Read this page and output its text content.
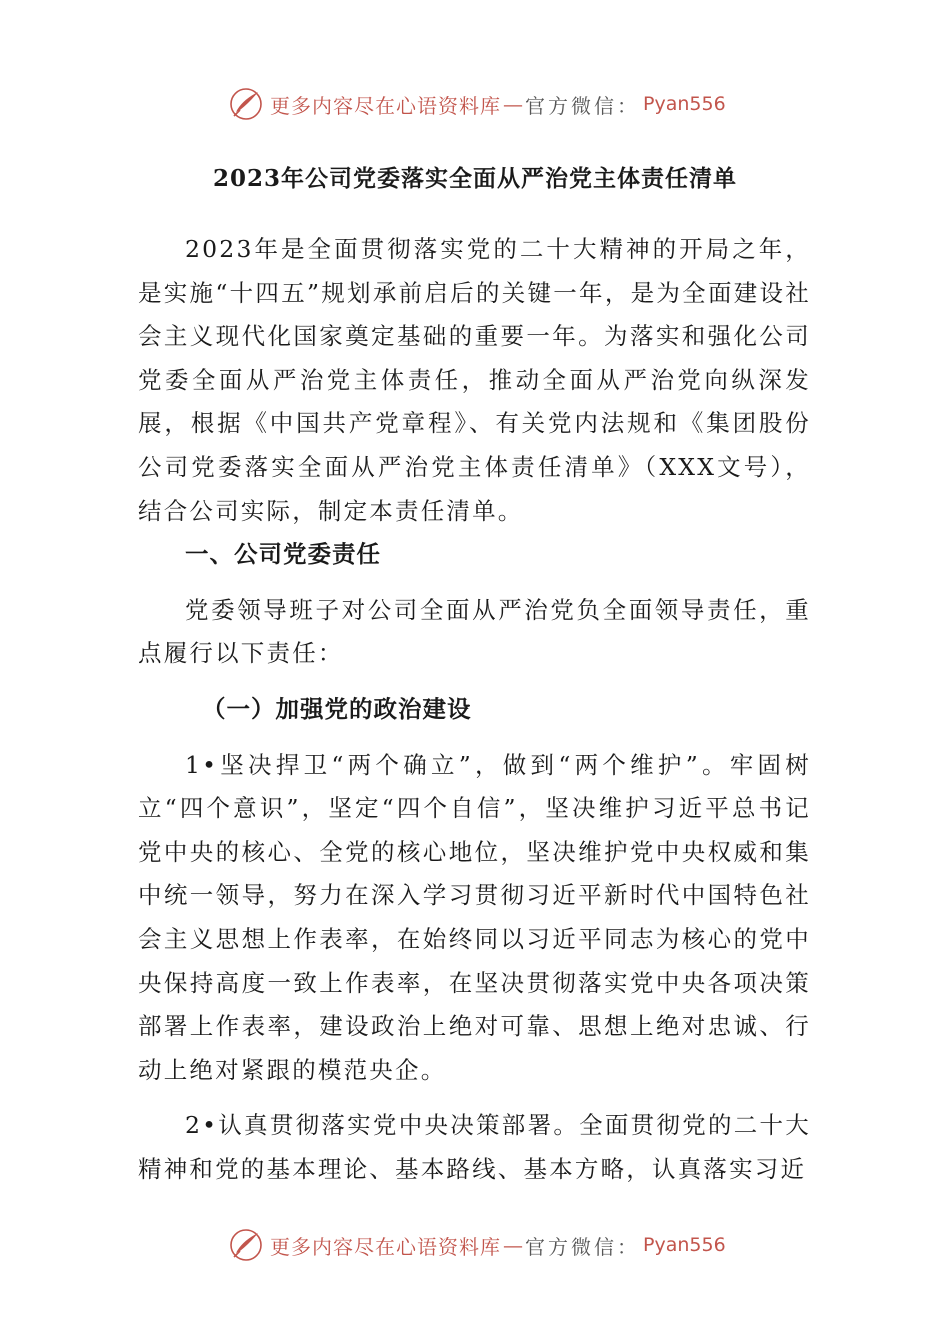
更多内容尽在心语资料库 — 官方微信 ： Pyan556
2023年公司党委落实全面从严治党主体责任清单

2023年是全面贯彻落实党的二十大精神的开局之年，是实施“十四五”规划承前启后的关键一年，是为全面建设社会主义现代化国家奠定基础的重要一年。为落实和强化公司党委全面从严治党主体责任，推动全面从严治党向纵深发展，根据《中国共产党章程》、有关党内法规和《集团股份公司党委落实全面从严治党主体责任清单》（XXX文号），结合公司实际，制定本责任清单。

一、公司党委责任

党委领导班子对公司全面从严治党负全面领导责任，重点履行以下责任：

（一）加强党的政治建设

1•坚决捍卫“两个确立”，做到“两个维护”。牢固树立“四个意识”，坚定“四个自信”，坚决维护习近平总书记党中央的核心、全党的核心地位，坚决维护党中央权威和集中统一领导，努力在深入学习贯彻习近平新时代中国特色社会主义思想上作表率，在始终同以习近平同志为核心的党中央保持高度一致上作表率，在坚决贯彻落实党中央各项决策部署上作表率，建设政治上绝对可靠、思想上绝对忠诚、行动上绝对紧跟的模范央企。

2•认真贯彻落实党中央决策部署。全面贯彻党的二十大精神和党的基本理论、基本路线、基本方略，认真落实习近

更多内容尽在心语资料库 — 官方微信 ： Pyan556
